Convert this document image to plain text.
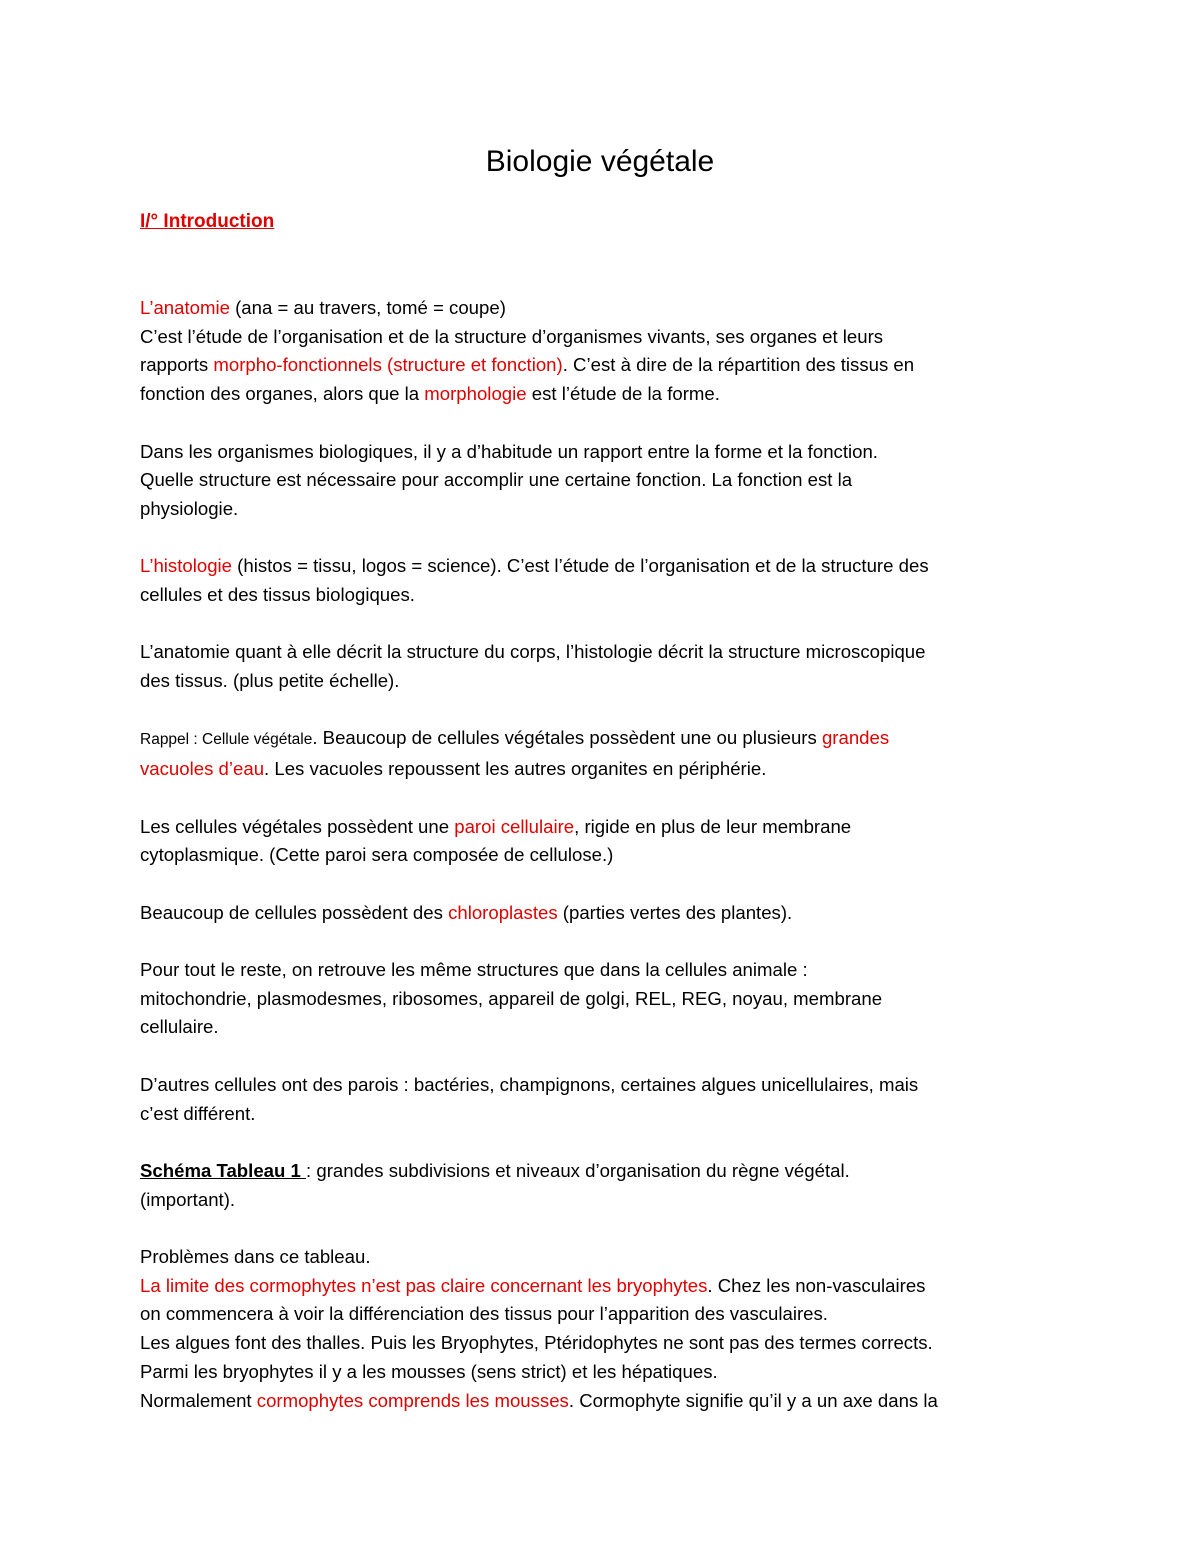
Biologie végétale
I/° Introduction
L’anatomie (ana = au travers, tomé = coupe)
C’est l’étude de l’organisation et de la structure d’organismes vivants, ses organes et leurs
rapports morpho-fonctionnels (structure et fonction). C’est à dire de la répartition des tissus en
fonction des organes, alors que la morphologie est l’étude de la forme.
Dans les organismes biologiques, il y a d’habitude un rapport entre la forme et la fonction.
Quelle structure est nécessaire pour accomplir une certaine fonction. La fonction est la
physiologie.
L’histologie (histos = tissu, logos = science). C’est l’étude de l’organisation et de la structure des
cellules et des tissus biologiques.
L’anatomie quant à elle décrit la structure du corps, l’histologie décrit la structure microscopique
des tissus. (plus petite échelle).
Rappel : Cellule végétale. Beaucoup de cellules végétales possèdent une ou plusieurs grandes
vacuoles d’eau. Les vacuoles repoussent les autres organites en périphérie.
Les cellules végétales possèdent une paroi cellulaire, rigide en plus de leur membrane
cytoplasmique. (Cette paroi sera composée de cellulose.)
Beaucoup de cellules possèdent des chloroplastes (parties vertes des plantes).
Pour tout le reste, on retrouve les même structures que dans la cellules animale :
mitochondrie, plasmodesmes, ribosomes, appareil de golgi, REL, REG, noyau, membrane
cellulaire.
D’autres cellules ont des parois : bactéries, champignons, certaines algues unicellulaires, mais
c’est différent.
Schéma Tableau 1 : grandes subdivisions et niveaux d’organisation du règne végétal.
(important).
Problèmes dans ce tableau.
La limite des cormophytes n’est pas claire concernant les bryophytes. Chez les non-vasculaires
on commencera à voir la différenciation des tissus pour l’apparition des vasculaires.
Les algues font des thalles. Puis les Bryophytes, Ptéridophytes ne sont pas des termes corrects.
Parmi les bryophytes il y a les mousses (sens strict) et les hépatiques.
Normalement cormophytes comprends les mousses. Cormophyte signifie qu’il y a un axe dans la
